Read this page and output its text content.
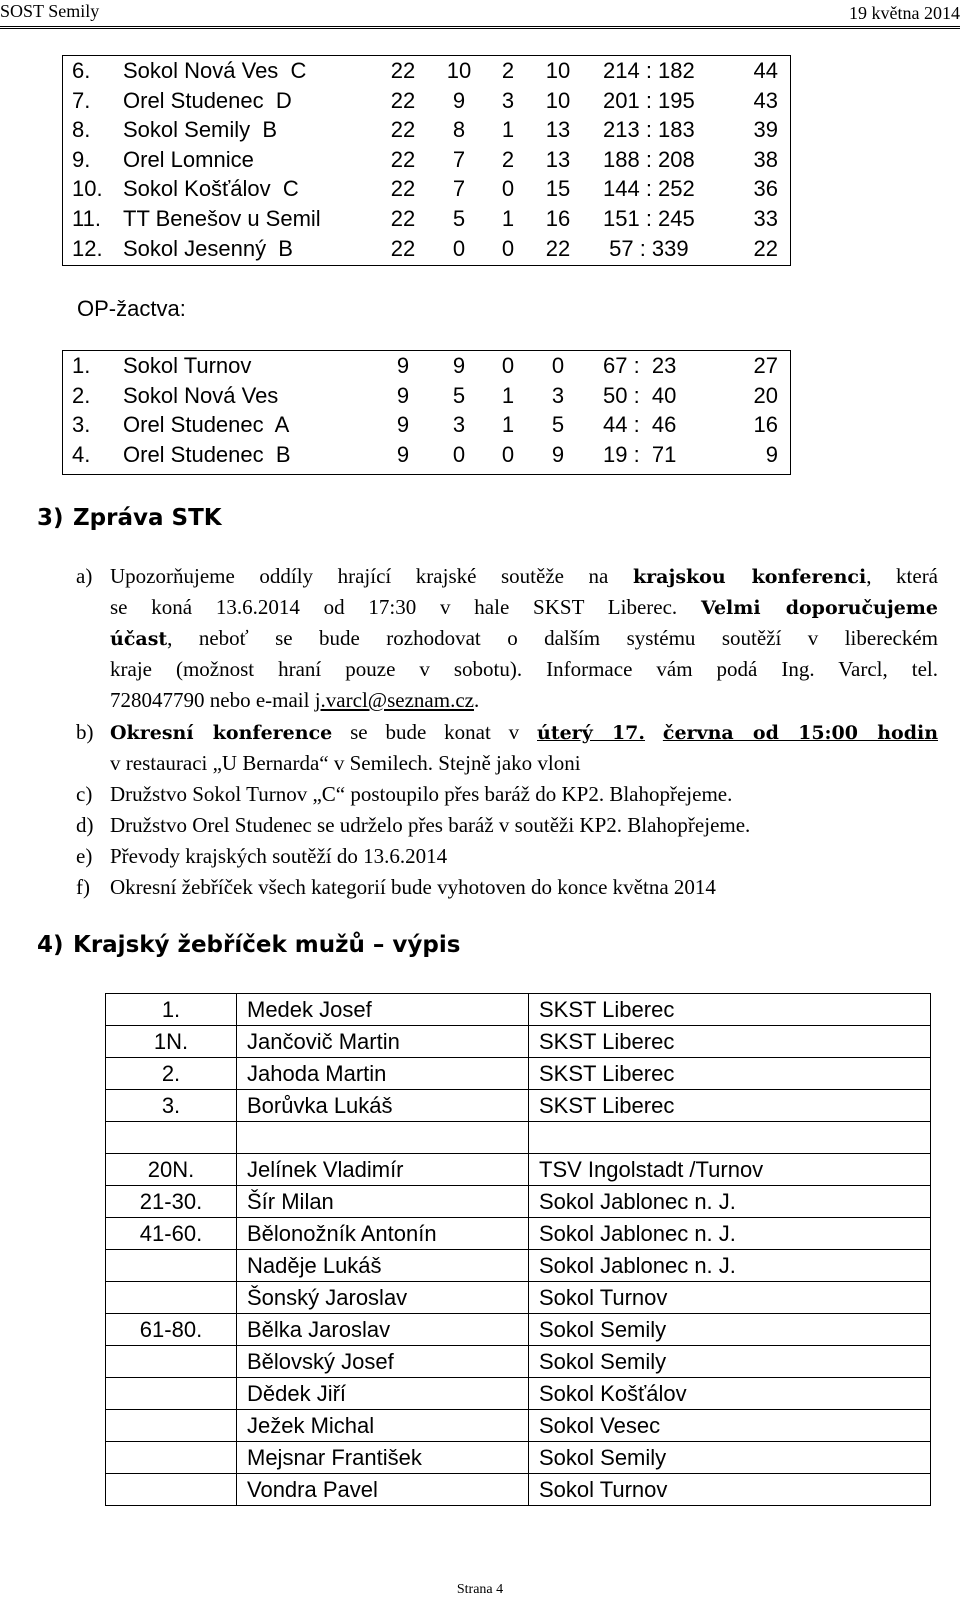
SOST Semily	19 května 2014
6. Sokol Nová Ves  C	22	10	2	10	214 : 182	44
7. Orel Studenec  D	22	9	3	10	201 : 195	43
8. Sokol Semily  B	22	8	1	13	213 : 183	39
9. Orel Lomnice	22	7	2	13	188 : 208	38
10. Sokol Košťálov  C	22	7	0	15	144 : 252	36
11. TT Benešov u Semil	22	5	1	16	151 : 245	33
12. Sokol Jesenný  B	22	0	0	22	57 : 339	22
OP-žactva:
1. Sokol Turnov	9	9	0	0	67 :  23	27
2. Sokol Nová Ves	9	5	1	3	50 :  40	20
3. Orel Studenec  A	9	3	1	5	44 :  46	16
4. Orel Studenec  B	9	0	0	9	19 :  71	9
3) Zpráva STK
a) Upozorňujeme oddíly hrající krajské soutěže na krajskou konferenci, která
se koná 13.6.2014 od 17:30 v hale SKST Liberec. Velmi doporučujeme
účast, neboť se bude rozhodovat o dalším systému soutěží v libereckém
kraje (možnost hraní pouze v sobotu). Informace vám podá Ing. Varcl, tel.
728047790 nebo e-mail j.varcl@seznam.cz.
b) Okresní konference se bude konat v úterý 17. června od 15:00 hodin
v restauraci „U Bernarda“ v Semilech. Stejně jako vloni
c) Družstvo Sokol Turnov „C“ postoupilo přes baráž do KP2. Blahopřejeme.
d) Družstvo Orel Studenec se udrželo přes baráž v soutěži KP2. Blahopřejeme.
e) Převody krajských soutěží do 13.6.2014
f) Okresní žebříček všech kategorií bude vyhotoven do konce května 2014
4) Krajský žebříček mužů – výpis
1.	Medek Josef	SKST Liberec
1N.	Jančovič Martin	SKST Liberec
2.	Jahoda Martin	SKST Liberec
3.	Borůvka Lukáš	SKST Liberec

20N.	Jelínek Vladimír	TSV Ingolstadt /Turnov
21-30.	Šír Milan	Sokol Jablonec n. J.
41-60.	Bělonožník Antonín	Sokol Jablonec n. J.
	Naděje Lukáš	Sokol Jablonec n. J.
	Šonský Jaroslav	Sokol Turnov
61-80.	Bělka Jaroslav	Sokol Semily
	Bělovský Josef	Sokol Semily
	Dědek Jiří	Sokol Košťálov
	Ježek Michal	Sokol Vesec
	Mejsnar František	Sokol Semily
	Vondra Pavel	Sokol Turnov
Strana 4
